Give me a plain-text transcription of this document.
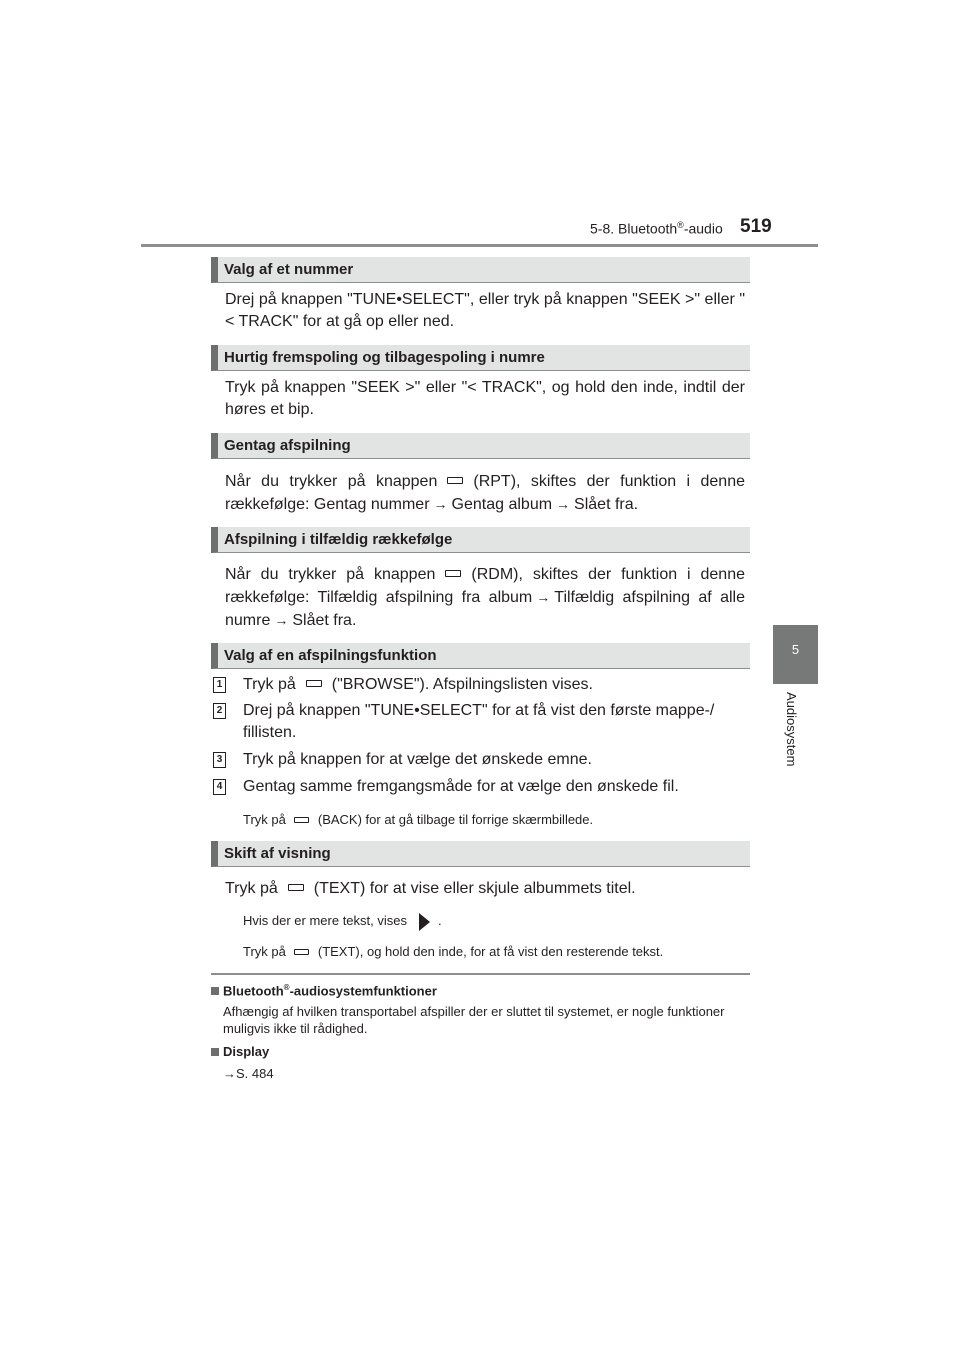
5-8. Bluetooth®-audio 519
5
Audiosystem
Valg af et nummer
Drej på knappen "TUNE•SELECT", eller tryk på knappen "SEEK >" eller "< TRACK" for at gå op eller ned.
Hurtig fremspoling og tilbagespoling i numre
Tryk på knappen "SEEK >" eller "< TRACK", og hold den inde, indtil der høres et bip.
Gentag afspilning
Når du trykker på knappen (RPT), skiftes der funktion i denne rækkefølge: Gentag nummer → Gentag album → Slået fra.
Afspilning i tilfældig rækkefølge
Når du trykker på knappen (RDM), skiftes der funktion i denne rækkefølge: Tilfældig afspilning fra album → Tilfældig afspilning af alle numre → Slået fra.
Valg af en afspilningsfunktion
1 Tryk på ("BROWSE"). Afspilningslisten vises.
2 Drej på knappen "TUNE•SELECT" for at få vist den første mappe-/ fillisten.
3 Tryk på knappen for at vælge det ønskede emne.
4 Gentag samme fremgangsmåde for at vælge den ønskede fil.
Tryk på (BACK) for at gå tilbage til forrige skærmbillede.
Skift af visning
Tryk på (TEXT) for at vise eller skjule albummets titel.
Hvis der er mere tekst, vises .
Tryk på (TEXT), og hold den inde, for at få vist den resterende tekst.
Bluetooth®-audiosystemfunktioner
Afhængig af hvilken transportabel afspiller der er sluttet til systemet, er nogle funktioner muligvis ikke til rådighed.
Display
→S. 484
